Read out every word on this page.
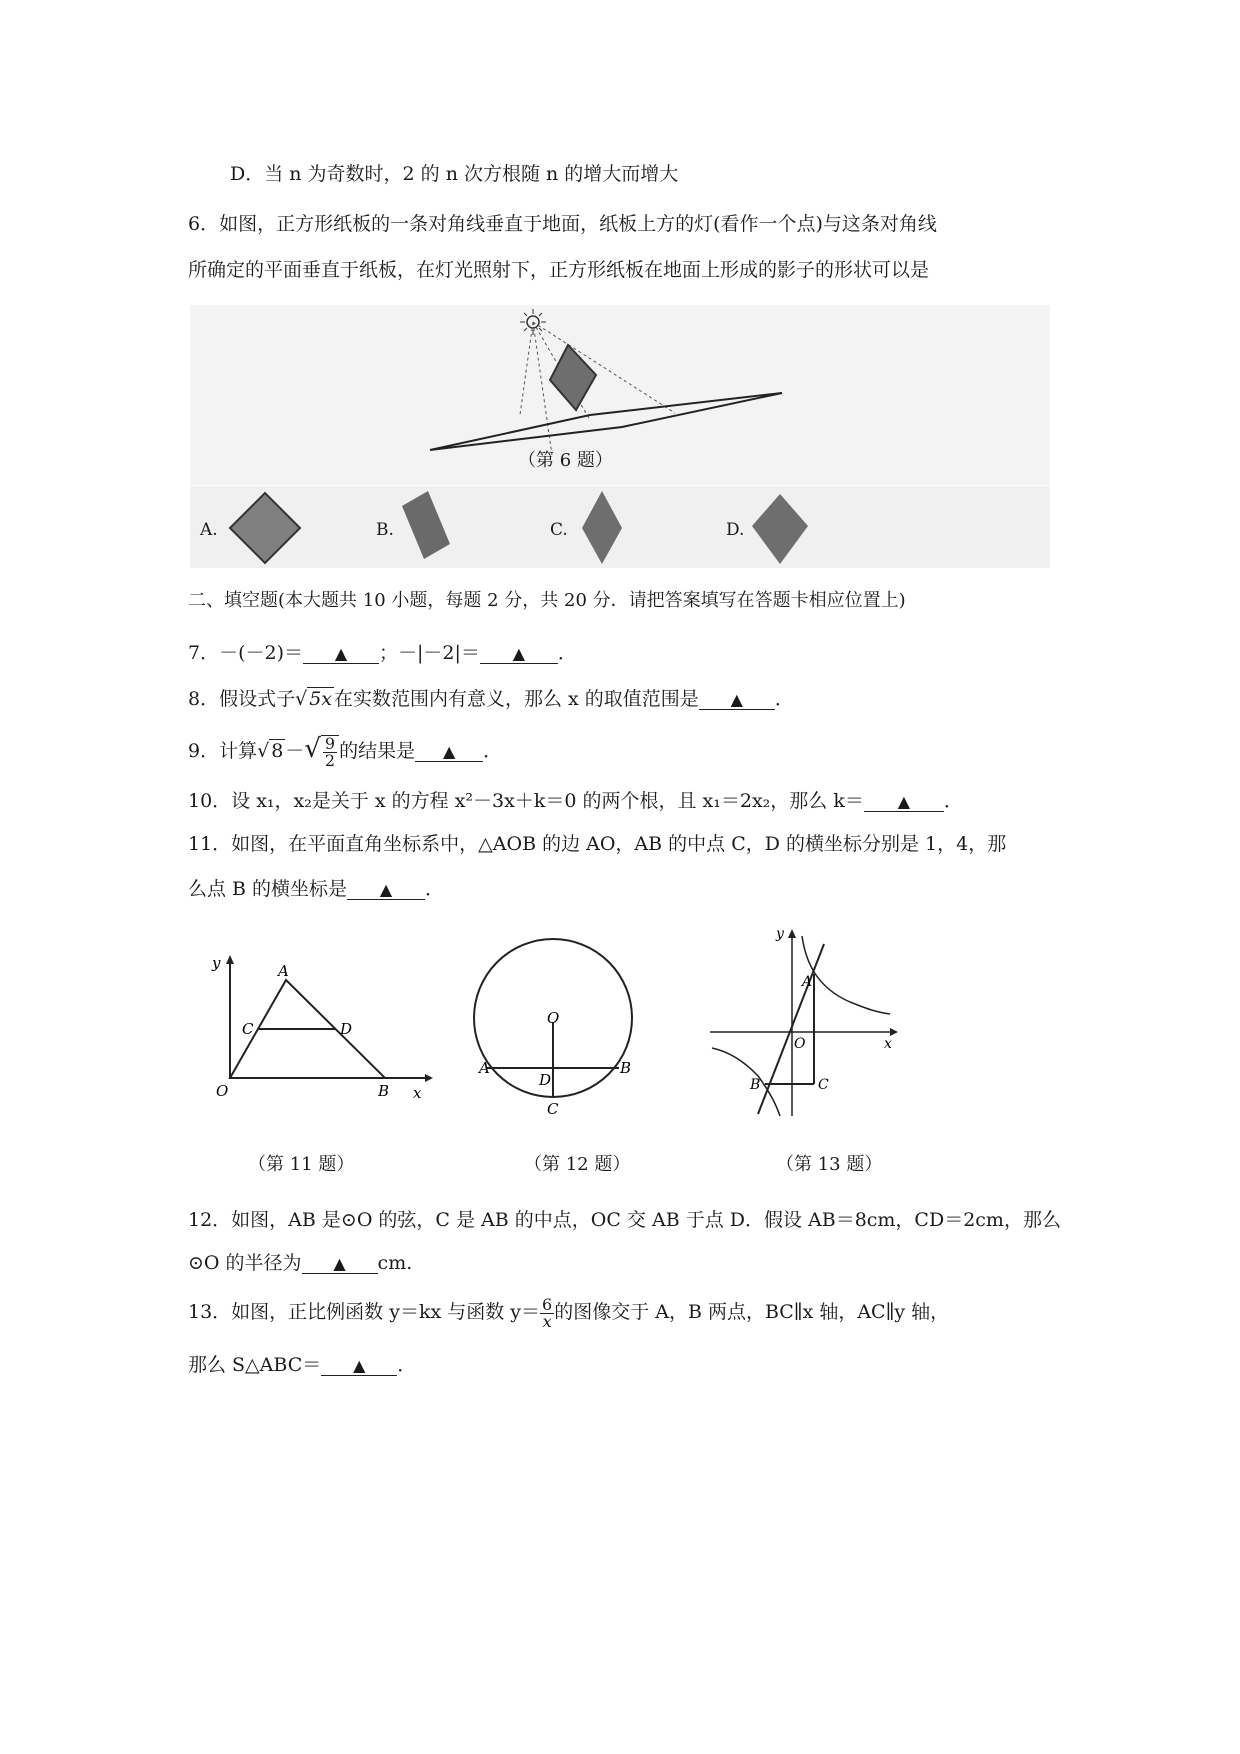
D．当 n 为奇数时，2 的 n 次方根随 n 的增大而增大
6．如图，正方形纸板的一条对角线垂直于地面，纸板上方的灯(看作一个点)与这条对角线
所确定的平面垂直于纸板，在灯光照射下，正方形纸板在地面上形成的影子的形状可以是
（第 6 题）
A.	B.	C.	D.
二、填空题(本大题共 10 小题，每题 2 分，共 20 分．请把答案填写在答题卡相应位置上)
7．－(－2)＝ ▲ ；－|－2|＝ ▲ ．
8．假设式子√ 5x 在实数范围内有意义，那么 x 的取值范围是 ▲ ．
9．计算√ 8 －√ $\frac{9}{2}$ 的结果是 ▲ ．
10．设 x₁，x₂是关于 x 的方程 x²－3x＋k＝0 的两个根，且 x₁＝2x₂，那么 k＝ ▲ ．
11．如图，在平面直角坐标系中，△AOB 的边 AO，AB 的中点 C，D 的横坐标分别是 1，4，那
么点 B 的横坐标是 ▲ ．
y	A
C	D
O	B x
（第 11 题）
O
A
D
B
C
（第 12 题）
y
A
O	x
B	C
（第 13 题）
12．如图，AB 是⊙O 的弦，C 是 AB 的中点，OC 交 AB 于点 D．假设 AB＝8cm，CD＝2cm，那么
⊙O 的半径为 ▲ cm.
13．如图，正比例函数 y＝kx 与函数 $y= \frac{6}{x}$ 的图像交于 A，B 两点，BC∥x 轴，AC∥y 轴，
那么 S△ABC＝ ▲ ．
